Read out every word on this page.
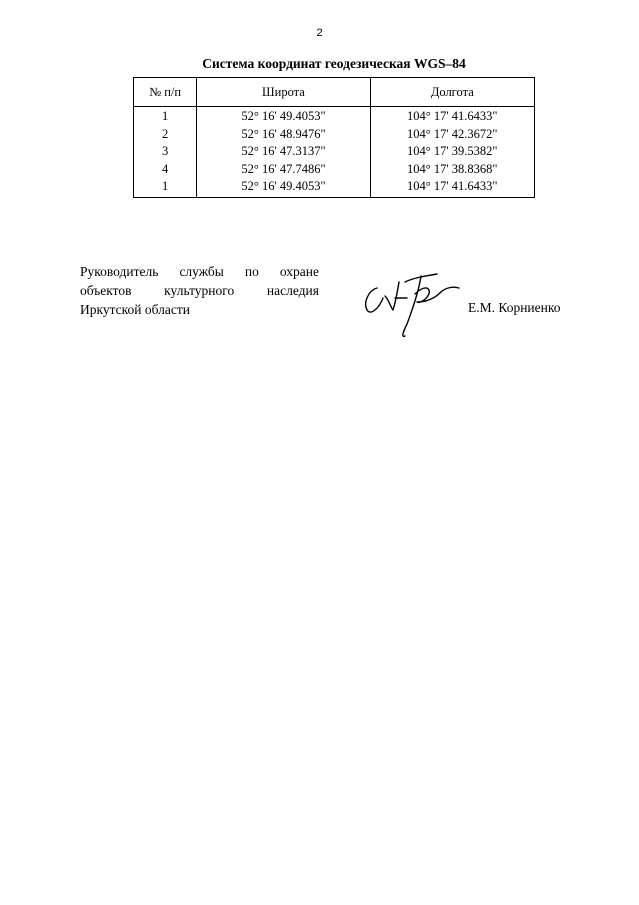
2
Система координат геодезическая WGS–84
№ п/п	Широта	Долгота
1	52° 16' 49.4053"	104° 17' 41.6433"
2	52° 16' 48.9476"	104° 17' 42.3672"
3	52° 16' 47.3137"	104° 17' 39.5382"
4	52° 16' 47.7486"	104° 17' 38.8368"
1	52° 16' 49.4053"	104° 17' 41.6433"
Руководитель службы по охране
объектов культурного наследия
Иркутской области	Е.М. Корниенко
